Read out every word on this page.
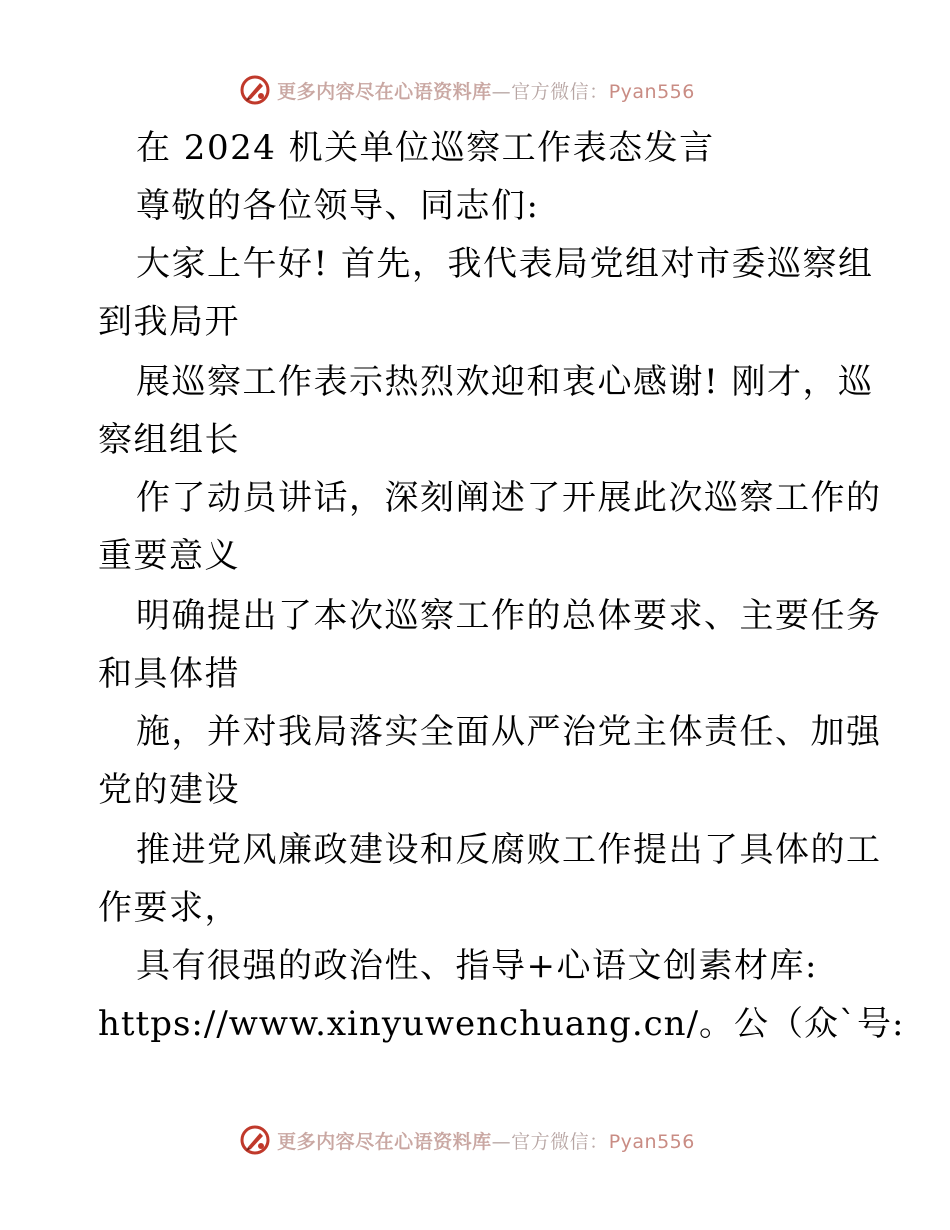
更多内容尽在心语资料库—官方微信：Pyan556
在 2024 机关单位巡察工作表态发言
尊敬的各位领导、同志们:
大家上午好! 首先，我代表局党组对市委巡察组
到我局开
展巡察工作表示热烈欢迎和衷心感谢! 刚才，巡
察组组长
作了动员讲话，深刻阐述了开展此次巡察工作的
重要意义
明确提出了本次巡察工作的总体要求、主要任务
和具体措
施，并对我局落实全面从严治党主体责任、加强
党的建设
推进党风廉政建设和反腐败工作提出了具体的工
作要求，
具有很强的政治性、指导+心语文创素材库:
https://www.xinyuwenchuang.cn/。公（众`号:
更多内容尽在心语资料库—官方微信：Pyan556
